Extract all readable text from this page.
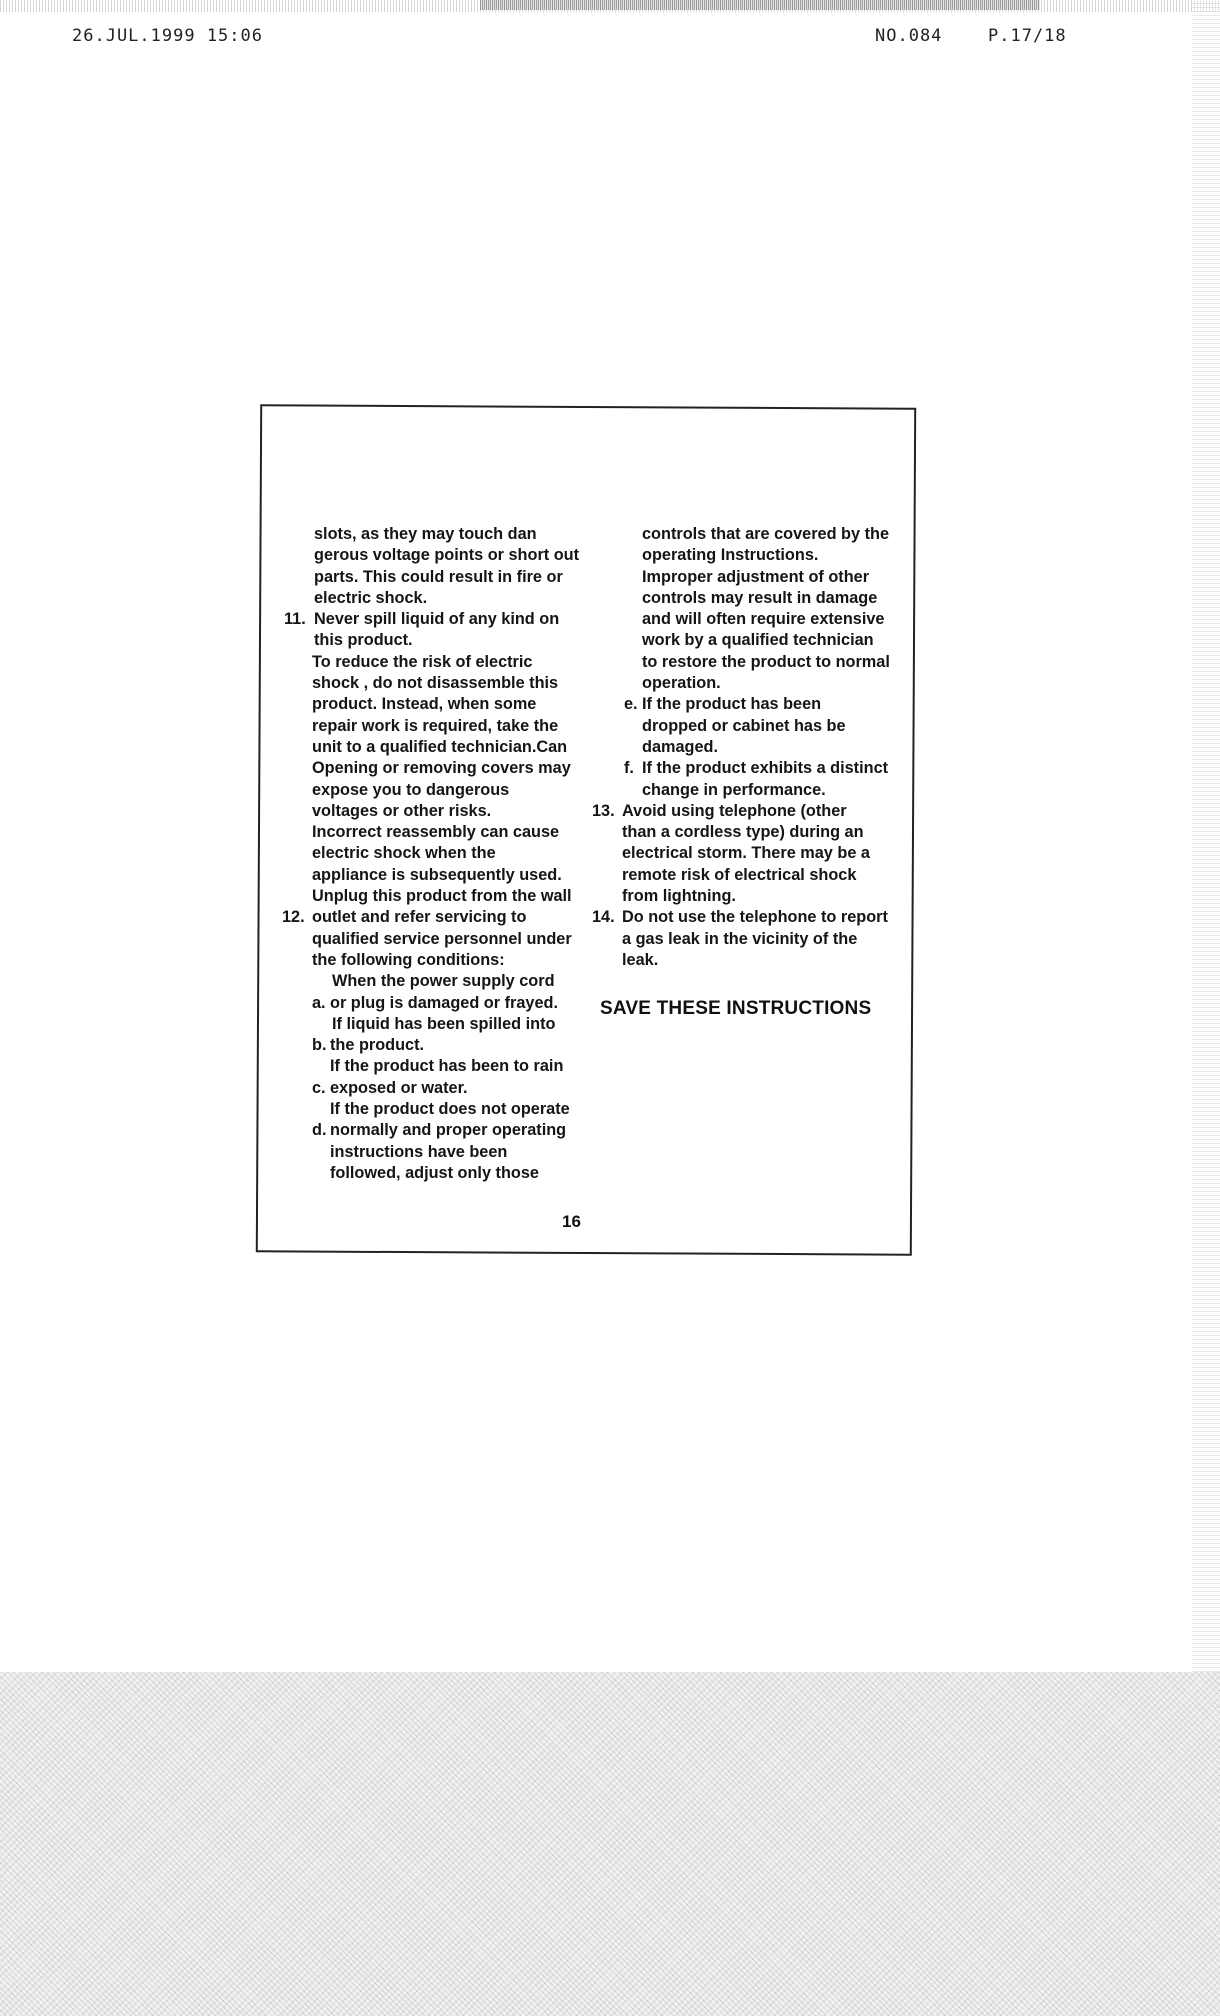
26.JUL.1999 15:06	NO.084	P.17/18
slots, as they may touch dan
gerous voltage points or short out
parts. This could result in fire or
electric shock.
11. Never spill liquid of any kind on
this product.
To reduce the risk of electric
shock , do not disassemble this
product. Instead, when some
repair work is required, take the
unit to a qualified technician.Can
Opening or removing covers may
expose you to dangerous
voltages or other risks.
Incorrect reassembly can cause
electric shock when the
appliance is subsequently used.
Unplug this product from the wall
12. outlet and refer servicing to
qualified service personnel under
the following conditions:
When the power supply cord
a. or plug is damaged or frayed.
If liquid has been spilled into
b. the product.
If the product has been to rain
c. exposed or water.
If the product does not operate
d. normally and proper operating
instructions have been
followed, adjust only those
controls that are covered by the
operating Instructions.
Improper adjustment of other
controls may result in damage
and will often require extensive
work by a qualified technician
to restore the product to normal
operation.
e. If the product has been
dropped or cabinet has be
damaged.
f. If the product exhibits a distinct
change in performance.
13. Avoid using telephone (other
than a cordless type) during an
electrical storm. There may be a
remote risk of electrical shock
from lightning.
14. Do not use the telephone to report
a gas leak in the vicinity of the
leak.
SAVE THESE INSTRUCTIONS
16
